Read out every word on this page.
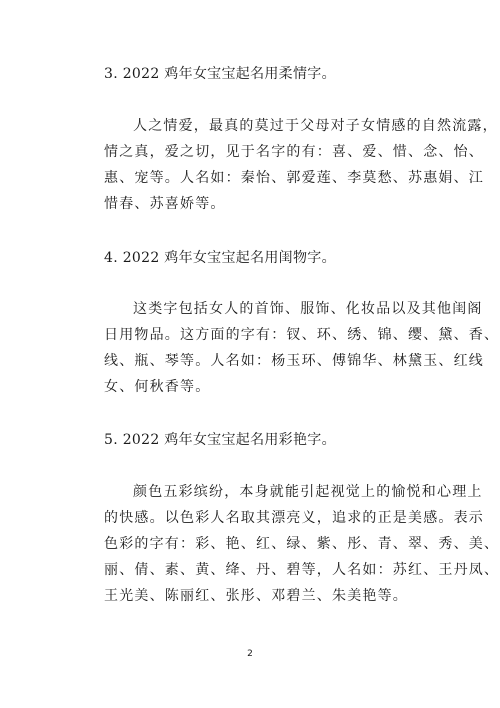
3. 2022 鸡年女宝宝起名用柔情字。
人之情爱，最真的莫过于父母对子女情感的自然流露，
情之真，爱之切，见于名字的有：喜、爱、惜、念、怡、
惠、宠等。人名如：秦怡、郭爱莲、李莫愁、苏惠娟、江
惜春、苏喜娇等。
4. 2022 鸡年女宝宝起名用闺物字。
这类字包括女人的首饰、服饰、化妆品以及其他闺阁
日用物品。这方面的字有：钗、环、绣、锦、缨、黛、香、
线、瓶、琴等。人名如：杨玉环、傅锦华、林黛玉、红线
女、何秋香等。
5. 2022 鸡年女宝宝起名用彩艳字。
颜色五彩缤纷，本身就能引起视觉上的愉悦和心理上
的快感。以色彩人名取其漂亮义，追求的正是美感。表示
色彩的字有：彩、艳、红、绿、紫、彤、青、翠、秀、美、
丽、倩、素、黄、绛、丹、碧等，人名如：苏红、王丹凤、
王光美、陈丽红、张彤、邓碧兰、朱美艳等。
2
